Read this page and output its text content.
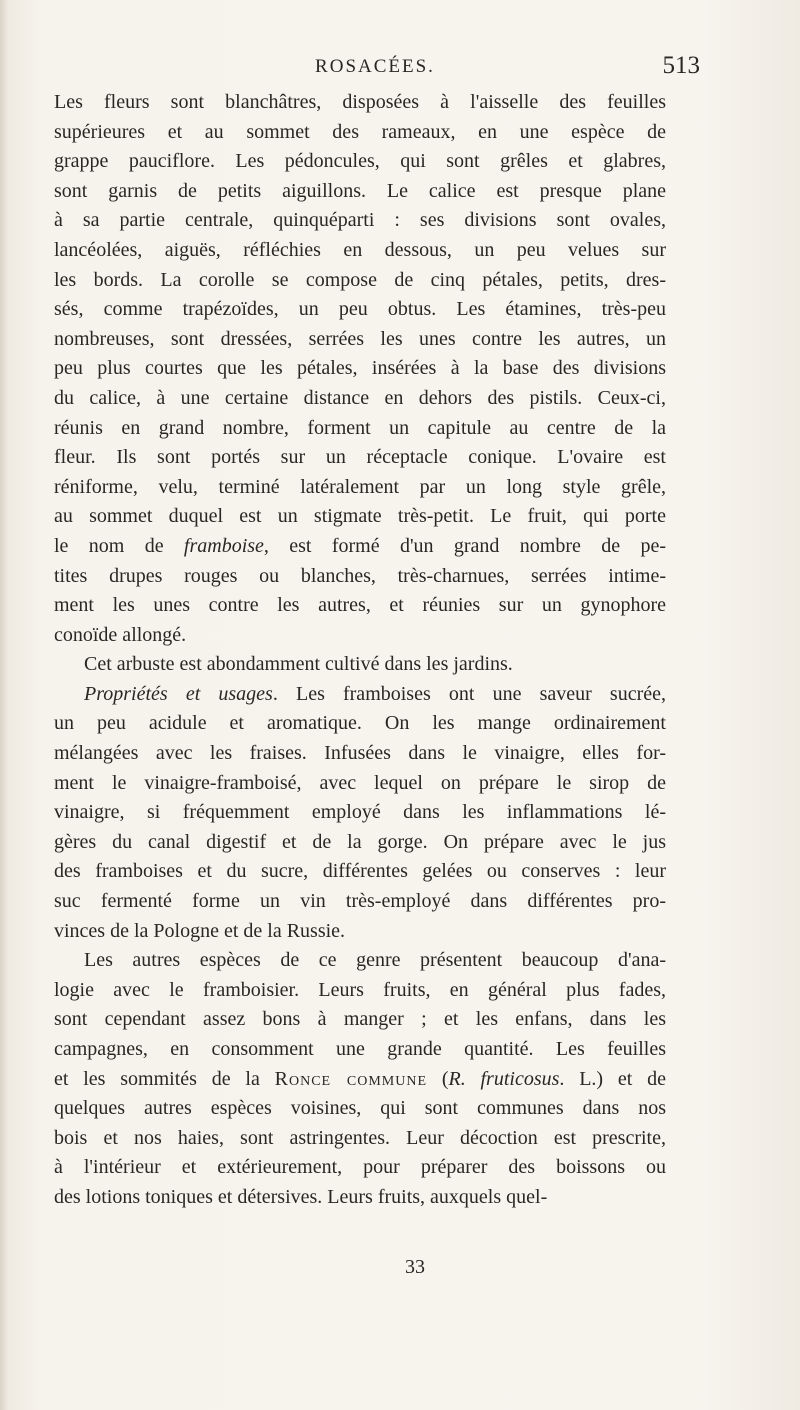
ROSACÉES.	513
Les fleurs sont blanchâtres, disposées à l'aisselle des feuilles
supérieures et au sommet des rameaux, en une espèce de
grappe pauciflore. Les pédoncules, qui sont grêles et glabres,
sont garnis de petits aiguillons. Le calice est presque plane
à sa partie centrale, quinquéparti : ses divisions sont ovales,
lancéolées, aiguës, réfléchies en dessous, un peu velues sur
les bords. La corolle se compose de cinq pétales, petits, dres-
sés, comme trapézoïdes, un peu obtus. Les étamines, très-peu
nombreuses, sont dressées, serrées les unes contre les autres, un
peu plus courtes que les pétales, insérées à la base des divisions
du calice, à une certaine distance en dehors des pistils. Ceux-ci,
réunis en grand nombre, forment un capitule au centre de la
fleur. Ils sont portés sur un réceptacle conique. L'ovaire est
réniforme, velu, terminé latéralement par un long style grêle,
au sommet duquel est un stigmate très-petit. Le fruit, qui porte
le nom de framboise, est formé d'un grand nombre de pe-
tites drupes rouges ou blanches, très-charnues, serrées intime-
ment les unes contre les autres, et réunies sur un gynophore
conoïde allongé.
Cet arbuste est abondamment cultivé dans les jardins.
Propriétés et usages. Les framboises ont une saveur sucrée,
un peu acidule et aromatique. On les mange ordinairement
mélangées avec les fraises. Infusées dans le vinaigre, elles for-
ment le vinaigre-framboisé, avec lequel on prépare le sirop de
vinaigre, si fréquemment employé dans les inflammations lé-
gères du canal digestif et de la gorge. On prépare avec le jus
des framboises et du sucre, différentes gelées ou conserves : leur
suc fermenté forme un vin très-employé dans différentes pro-
vinces de la Pologne et de la Russie.
Les autres espèces de ce genre présentent beaucoup d'ana-
logie avec le framboisier. Leurs fruits, en général plus fades,
sont cependant assez bons à manger ; et les enfans, dans les
campagnes, en consomment une grande quantité. Les feuilles
et les sommités de la Ronce commune (R. fruticosus. L.) et de
quelques autres espèces voisines, qui sont communes dans nos
bois et nos haies, sont astringentes. Leur décoction est prescrite,
à l'intérieur et extérieurement, pour préparer des boissons ou
des lotions toniques et détersives. Leurs fruits, auxquels quel-
33
